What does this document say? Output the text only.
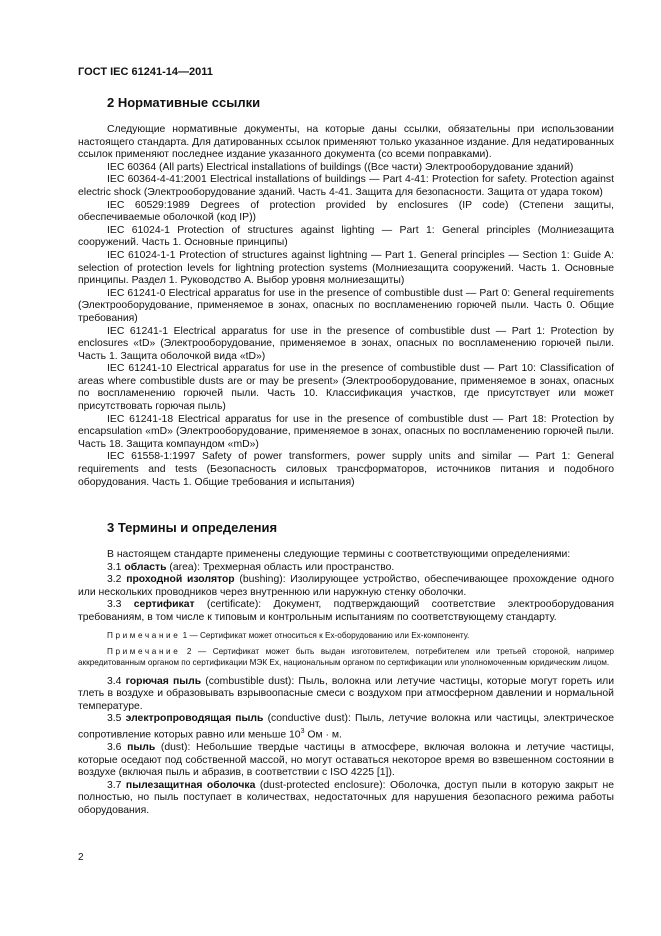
ГОСТ IEC 61241-14—2011
2 Нормативные ссылки

Следующие нормативные документы, на которые даны ссылки, обязательны при использовании настоящего стандарта. Для датированных ссылок применяют только указанное издание. Для недатированных ссылок применяют последнее издание указанного документа (со всеми поправками).

IEC 60364 (All parts) Electrical installations of buildings ((Все части) Электрооборудование зданий)

IEC 60364-4-41:2001 Electrical installations of buildings — Part 4-41: Protection for safety. Protection against electric shock (Электрооборудование зданий. Часть 4-41. Защита для безопасности. Защита от удара током)

IEC 60529:1989 Degrees of protection provided by enclosures (IP code) (Степени защиты, обеспечиваемые оболочкой (код IP))

IEC 61024-1 Protection of structures against lighting — Part 1: General principles (Молниезащита сооружений. Часть 1. Основные принципы)

IEC 61024-1-1 Protection of structures against lightning — Part 1. General principles — Section 1: Guide A: selection of protection levels for lightning protection systems (Молниезащита сооружений. Часть 1. Основные принципы. Раздел 1. Руководство А. Выбор уровня молниезащиты)

IEC 61241-0 Electrical apparatus for use in the presence of combustible dust — Part 0: General requirements (Электрооборудование, применяемое в зонах, опасных по воспламенению горючей пыли. Часть 0. Общие требования)

IEC 61241-1 Electrical apparatus for use in the presence of combustible dust — Part 1: Protection by enclosures «tD» (Электрооборудование, применяемое в зонах, опасных по воспламенению горючей пыли. Часть 1. Защита оболочкой вида «tD»)

IEC 61241-10 Electrical apparatus for use in the presence of combustible dust — Part 10: Classification of areas where combustible dusts are or may be present» (Электрооборудование, применяемое в зонах, опасных по воспламенению горючей пыли. Часть 10. Классификация участков, где присутствует или может присутствовать горючая пыль)

IEC 61241-18 Electrical apparatus for use in the presence of combustible dust — Part 18: Protection by encapsulation «mD» (Электрооборудование, применяемое в зонах, опасных по воспламенению горючей пыли. Часть 18. Защита компаундом «mD»)

IEC 61558-1:1997 Safety of power transformers, power supply units and similar — Part 1: General requirements and tests (Безопасность силовых трансформаторов, источников питания и подобного оборудования. Часть 1. Общие требования и испытания)

3 Термины и определения

В настоящем стандарте применены следующие термины с соответствующими определениями:

3.1 область (area): Трехмерная область или пространство.

3.2 проходной изолятор (bushing): Изолирующее устройство, обеспечивающее прохождение одного или нескольких проводников через внутреннюю или наружную стенку оболочки.

3.3 сертификат (certificate): Документ, подтверждающий соответствие электрооборудования требованиям, в том числе к типовым и контрольным испытаниям по соответствующему стандарту.

Примечание 1 — Сертификат может относиться к Ex-оборудованию или Ex-компоненту.

Примечание 2 — Сертификат может быть выдан изготовителем, потребителем или третьей стороной, например аккредитованным органом по сертификации МЭК Ex, национальным органом по сертификации или уполномоченным юридическим лицом.

3.4 горючая пыль (combustible dust): Пыль, волокна или летучие частицы, которые могут гореть или тлеть в воздухе и образовывать взрывоопасные смеси с воздухом при атмосферном давлении и нормальной температуре.

3.5 электропроводящая пыль (conductive dust): Пыль, летучие волокна или частицы, электрическое сопротивление которых равно или меньше $10^3$ Ом · м.

3.6 пыль (dust): Небольшие твердые частицы в атмосфере, включая волокна и летучие частицы, которые оседают под собственной массой, но могут оставаться некоторое время во взвешенном состоянии в воздухе (включая пыль и абразив, в соответствии с ISO 4225 [1]).

3.7 пылезащитная оболочка (dust-protected enclosure): Оболочка, доступ пыли в которую закрыт не полностью, но пыль поступает в количествах, недостаточных для нарушения безопасного режима работы оборудования.

2
